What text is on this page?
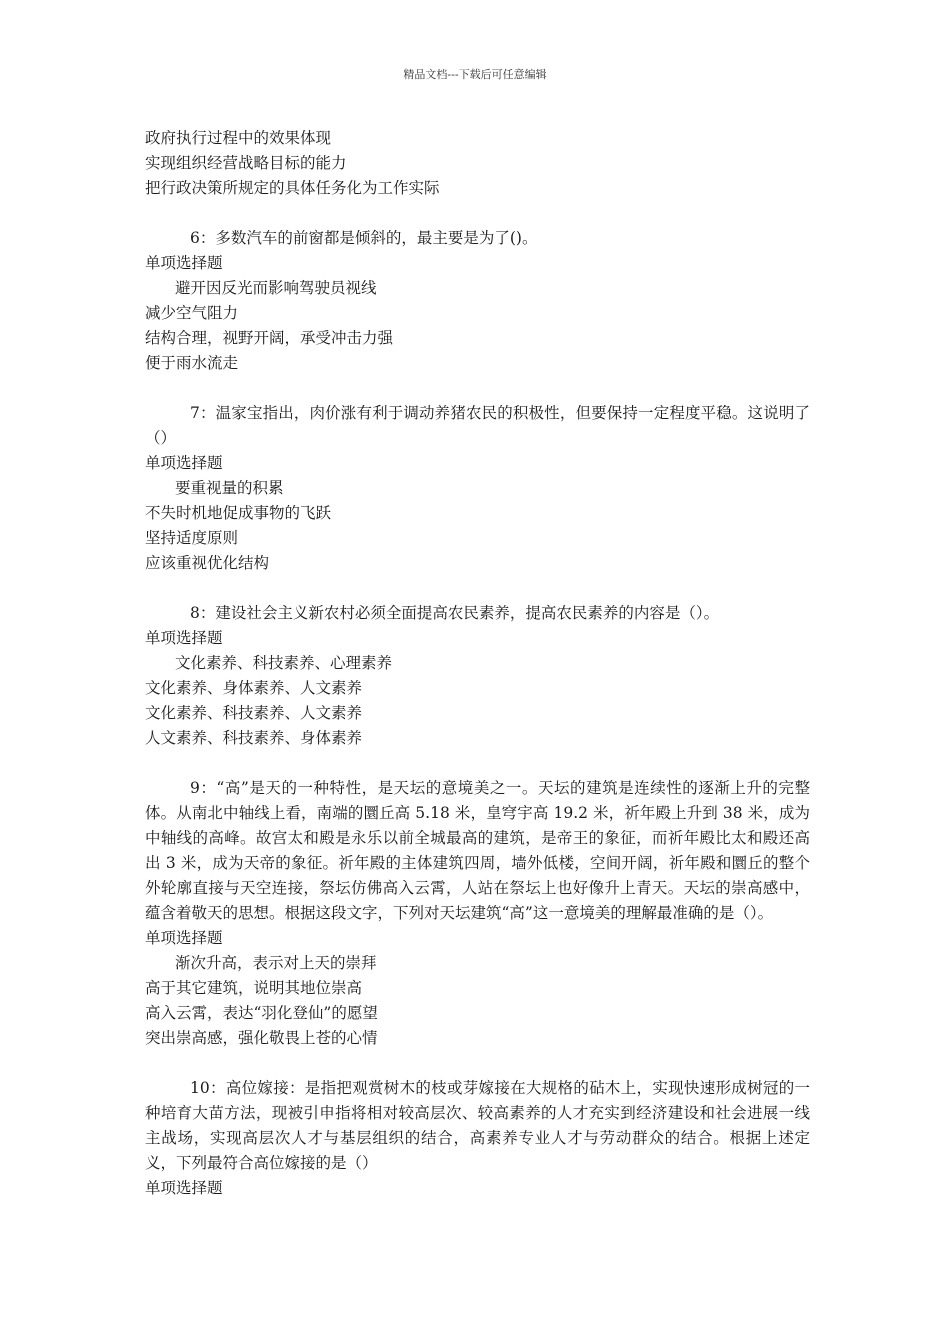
精品文档---下载后可任意编辑
政府执行过程中的效果体现
实现组织经营战略目标的能力
把行政决策所规定的具体任务化为工作实际
6：多数汽车的前窗都是倾斜的，最主要是为了()。
单项选择题
避开因反光而影响驾驶员视线
减少空气阻力
结构合理，视野开阔，承受冲击力强
便于雨水流走
7：温家宝指出，肉价涨有利于调动养猪农民的积极性，但要保持一定程度平稳。这说明了（）
单项选择题
要重视量的积累
不失时机地促成事物的飞跃
坚持适度原则
应该重视优化结构
8：建设社会主义新农村必须全面提高农民素养，提高农民素养的内容是（）。
单项选择题
文化素养、科技素养、心理素养
文化素养、身体素养、人文素养
文化素养、科技素养、人文素养
人文素养、科技素养、身体素养
9：“高”是天的一种特性，是天坛的意境美之一。天坛的建筑是连续性的逐渐上升的完整体。从南北中轴线上看，南端的圜丘高 5.18 米，皇穹宇高 19.2 米，祈年殿上升到 38 米，成为中轴线的高峰。故宫太和殿是永乐以前全城最高的建筑，是帝王的象征，而祈年殿比太和殿还高出 3 米，成为天帝的象征。祈年殿的主体建筑四周，墙外低楼，空间开阔，祈年殿和圜丘的整个外轮廓直接与天空连接，祭坛仿佛高入云霄，人站在祭坛上也好像升上青天。天坛的崇高感中，蕴含着敬天的思想。根据这段文字，下列对天坛建筑“高”这一意境美的理解最准确的是（）。
单项选择题
渐次升高，表示对上天的崇拜
高于其它建筑，说明其地位崇高
高入云霄，表达“羽化登仙”的愿望
突出崇高感，强化敬畏上苍的心情
10：高位嫁接：是指把观赏树木的枝或芽嫁接在大规格的砧木上，实现快速形成树冠的一种培育大苗方法，现被引申指将相对较高层次、较高素养的人才充实到经济建设和社会进展一线主战场，实现高层次人才与基层组织的结合，高素养专业人才与劳动群众的结合。根据上述定义，下列最符合高位嫁接的是（）
单项选择题
